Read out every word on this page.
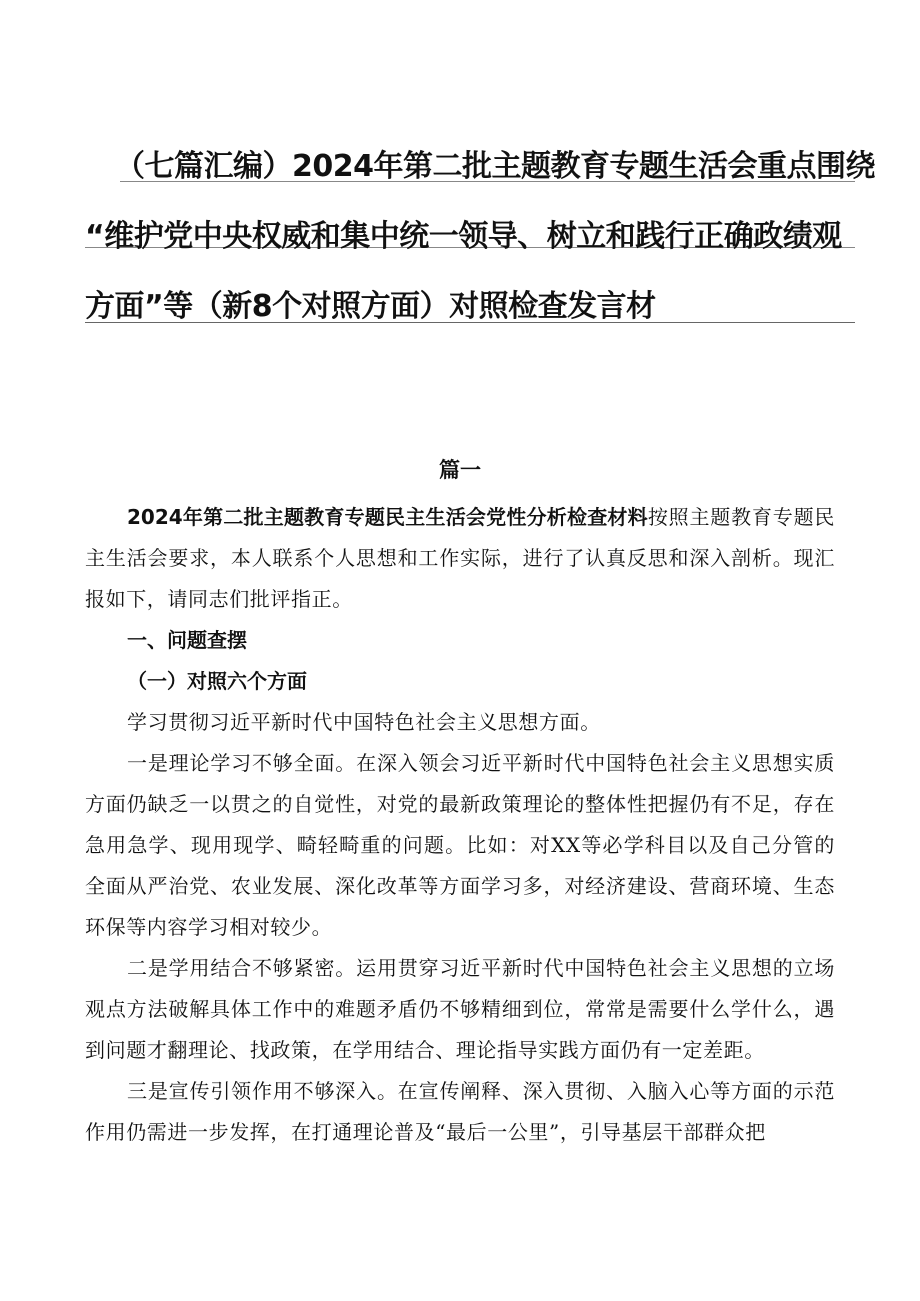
（七篇汇编）2024年第二批主题教育专题生活会重点围绕
“维护党中央权威和集中统一领导、树立和践行正确政绩观
方面”等（新8个对照方面）对照检查发言材
篇一

2024年第二批主题教育专题民主生活会党性分析检查材料按照主题教育专题民主生活会要求，本人联系个人思想和工作实际，进行了认真反思和深入剖析。现汇报如下，请同志们批评指正。

一、问题查摆
（一）对照六个方面

学习贯彻习近平新时代中国特色社会主义思想方面。

一是理论学习不够全面。在深入领会习近平新时代中国特色社会主义思想实质方面仍缺乏一以贯之的自觉性，对党的最新政策理论的整体性把握仍有不足，存在急用急学、现用现学、畸轻畸重的问题。比如：对XX等必学科目以及自己分管的全面从严治党、农业发展、深化改革等方面学习多，对经济建设、营商环境、生态环保等内容学习相对较少。

二是学用结合不够紧密。运用贯穿习近平新时代中国特色社会主义思想的立场观点方法破解具体工作中的难题矛盾仍不够精细到位，常常是需要什么学什么，遇到问题才翻理论、找政策，在学用结合、理论指导实践方面仍有一定差距。

三是宣传引领作用不够深入。在宣传阐释、深入贯彻、入脑入心等方面的示范作用仍需进一步发挥，在打通理论普及“最后一公里”，引导基层干部群众把
